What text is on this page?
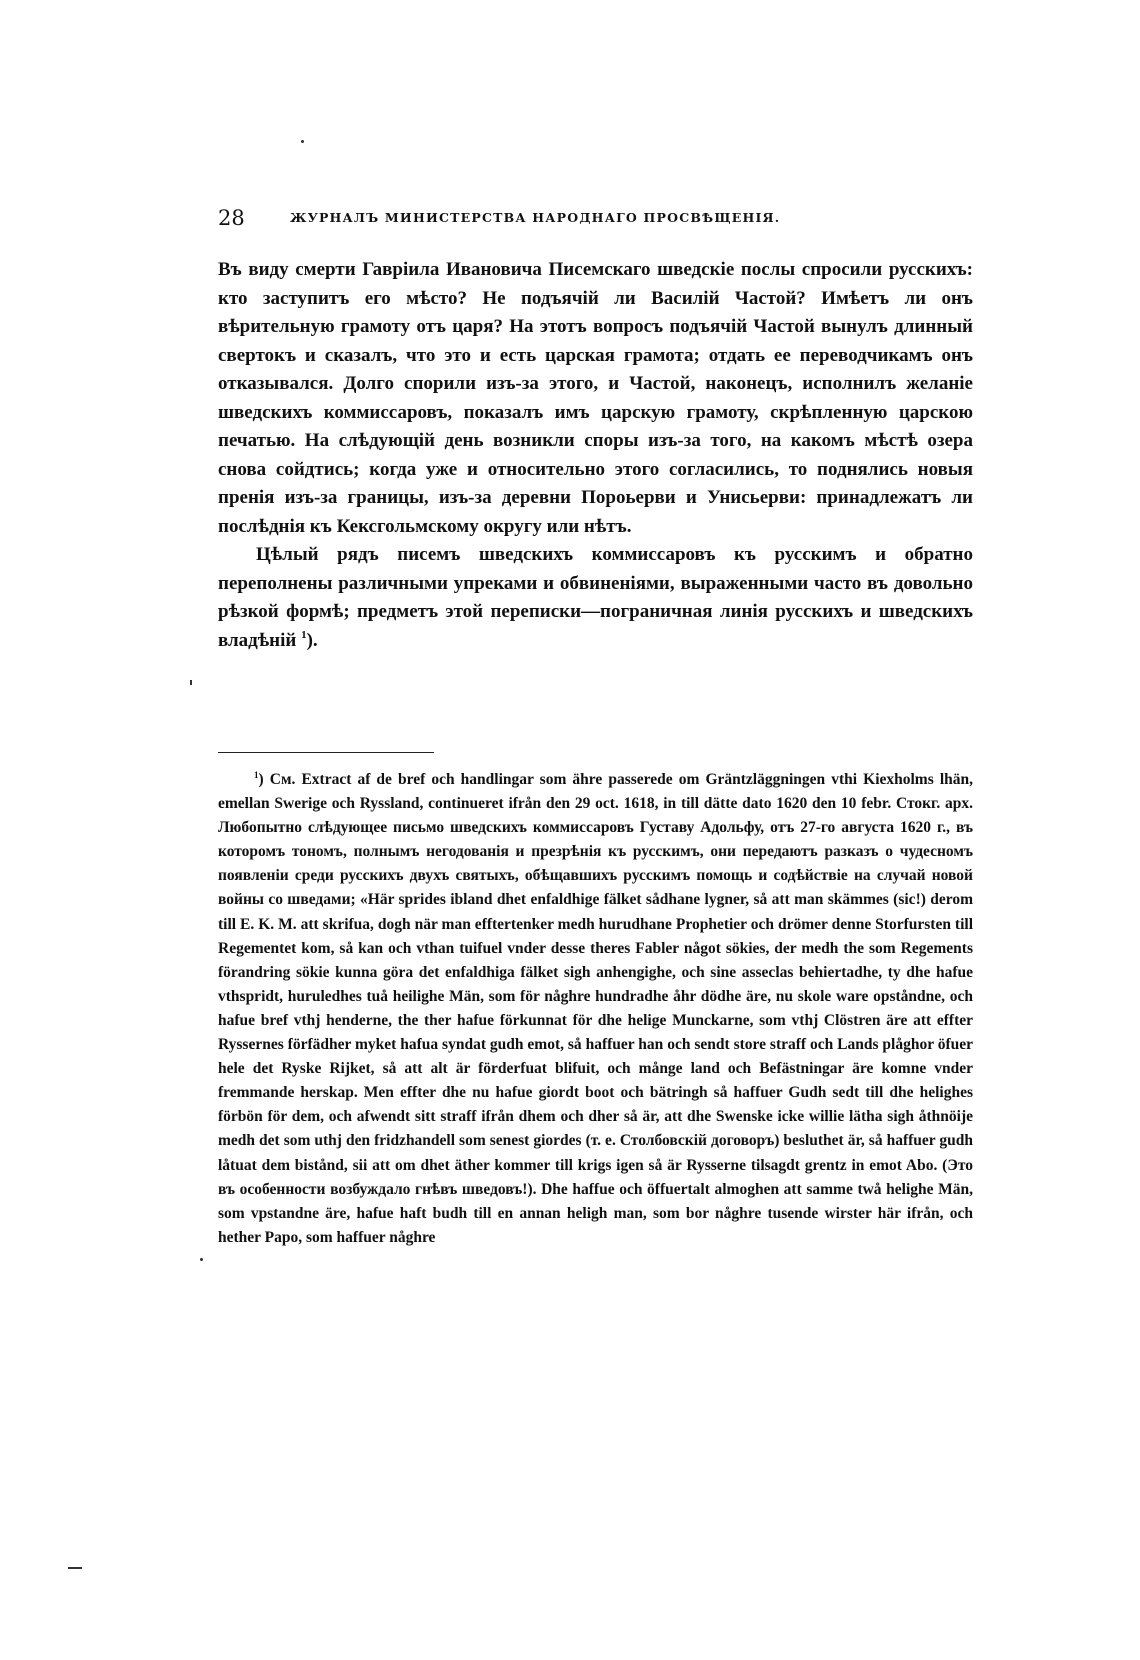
28	ЖУРНАЛЪ МИНИСТЕРСТВА НАРОДНАГО ПРОСВѢЩЕНІЯ.

Въ виду смерти Гавріила Ивановича Писемскаго шведскіе послы спросили русскихъ: кто заступитъ его мѣсто? Не подъячій ли Василій Частой? Имѣетъ ли онъ вѣрительную грамоту отъ царя? На этотъ вопросъ подъячій Частой вынулъ длинный свертокъ и сказалъ, что это и есть царская грамота; отдать ее переводчикамъ онъ отказывался. Долго спорили изъ-за этого, и Частой, наконецъ, исполнилъ желаніе шведскихъ коммиссаровъ, показалъ имъ царскую грамоту, скрѣпленную царскою печатью. На слѣдующій день возникли споры изъ-за того, на какомъ мѣстѣ озера снова сойдтись; когда уже и относительно этого согласились, то поднялись новыя пренія изъ-за границы, изъ-за деревни Пороьерви и Унисьерви: принадлежатъ ли послѣднія къ Кексгольмскому округу или нѣтъ.

Цѣлый рядъ писемъ шведскихъ коммиссаровъ къ русскимъ и обратно переполнены различными упреками и обвиненіями, выраженными часто въ довольно рѣзкой формѣ; предметъ этой переписки—пограничная линія русскихъ и шведскихъ владѣній $^1$).

$^1$) См. Extract af de bref och handlingar som ähre passerede om Gräntzläggningen vthi Kiexholms lhän, emellan Swerige och Ryssland, continueret ifrån den 29 oct. 1618, in till dätte dato 1620 den 10 febr. Стокг. арх. Любопытно слѣдующее письмо шведскихъ коммиссаровъ Густаву Адольфу, отъ 27-го августа 1620 г., въ которомъ тономъ, полнымъ негодованія и презрѣнія къ русскимъ, они передаютъ разказъ о чудесномъ появленіи среди русскихъ двухъ святыхъ, обѣщавшихъ русскимъ помощь и содѣйствіе на случай новой войны со шведами; «Här sprides ibland dhet enfaldhige fälket sådhane lygner, så att man skämmes (sic!) derom till E. K. M. att skrifua, dogh när man efftertenker medh hurudhane Prophetier och drömer denne Storfursten till Regementet kom, så kan och vthan tuifuel vnder desse theres Fabler något sökies, der medh the som Regements förandring sökie kunna göra det enfaldhiga fälket sigh anhengighe, och sine asseclas behiertadhe, ty dhe hafue vthspridt, huruledhes tuå heilighe Män, som för någhre hundradhe åhr dödhe äre, nu skole ware opståndne, och hafue bref vthj henderne, the ther hafue förkunnat för dhe helige Munckarne, som vthj Clöstren äre att effter Ryssernes förfädher myket hafua syndat gudh emot, så haffuer han och sendt store straff och Lands plåghor öfuer hele det Ryske Rijket, så att alt är förderfuat blifuit, och månge land och Befästningar äre komne vnder fremmande herskap. Men effter dhe nu hafue giordt boot och bätringh så haffuer Gudh sedt till dhe helighes förbön för dem, och afwendt sitt straff ifrån dhem och dher så är, att dhe Swenske icke willie lätha sigh åthnöije medh det som uthj den fridzhandell som senest giordes (т. е. Столбовскій договоръ) besluthet är, så haffuer gudh låtuat dem bistånd, sii att om dhet äther kommer till krigs igen så är Rysserne tilsagdt grentz in emot Abo. (Это въ особенности возбуждало гнѣвъ шведовъ!). Dhe haffue och öffuertalt almoghen att samme twå helighe Män, som vpstandne äre, hafue haft budh till en annan heligh man, som bor någhre tusende wirster här ifrån, och hether Papo, som haffuer någhre
